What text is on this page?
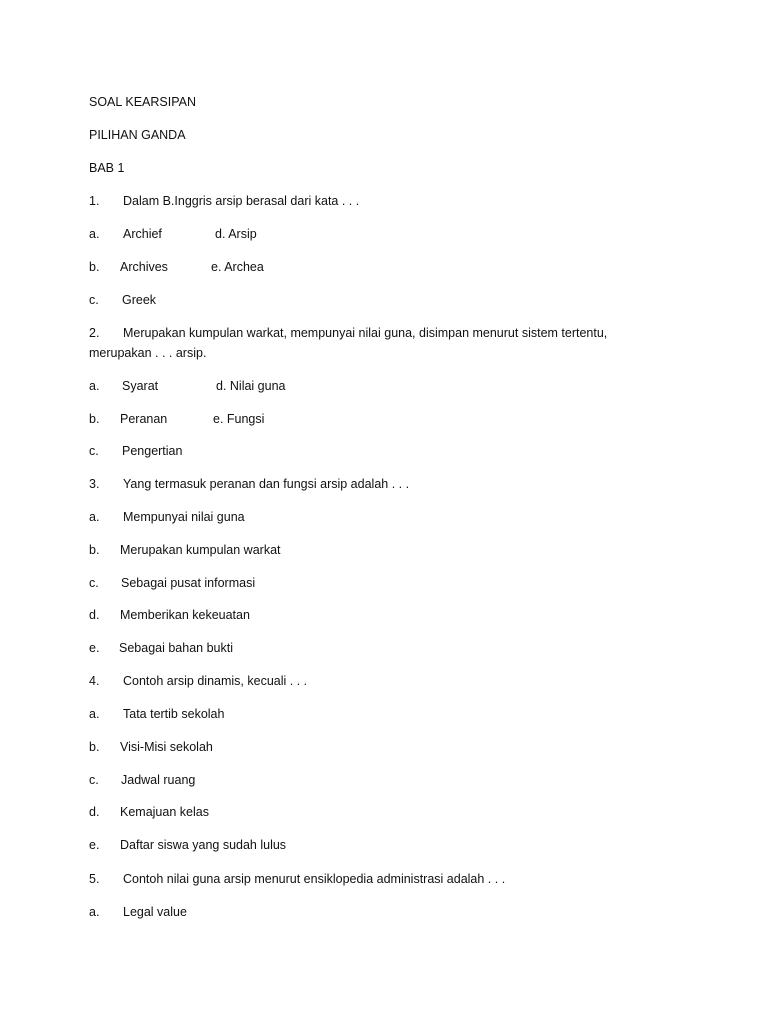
SOAL KEARSIPAN
PILIHAN GANDA
BAB 1
1. Dalam B.Inggris arsip berasal dari kata . . .
a. Archief	d. Arsip
b. Archives	e. Archea
c. Greek
2. Merupakan kumpulan warkat, mempunyai nilai guna, disimpan menurut sistem tertentu,
merupakan . . . arsip.
a. Syarat	d. Nilai guna
b. Peranan	e. Fungsi
c. Pengertian
3. Yang termasuk peranan dan fungsi arsip adalah . . .
a. Mempunyai nilai guna
b. Merupakan kumpulan warkat
c. Sebagai pusat informasi
d. Memberikan kekeuatan
e. Sebagai bahan bukti
4. Contoh arsip dinamis, kecuali . . .
a. Tata tertib sekolah
b. Visi-Misi sekolah
c. Jadwal ruang
d. Kemajuan kelas
e. Daftar siswa yang sudah lulus
5. Contoh nilai guna arsip menurut ensiklopedia administrasi adalah . . .
a. Legal value
